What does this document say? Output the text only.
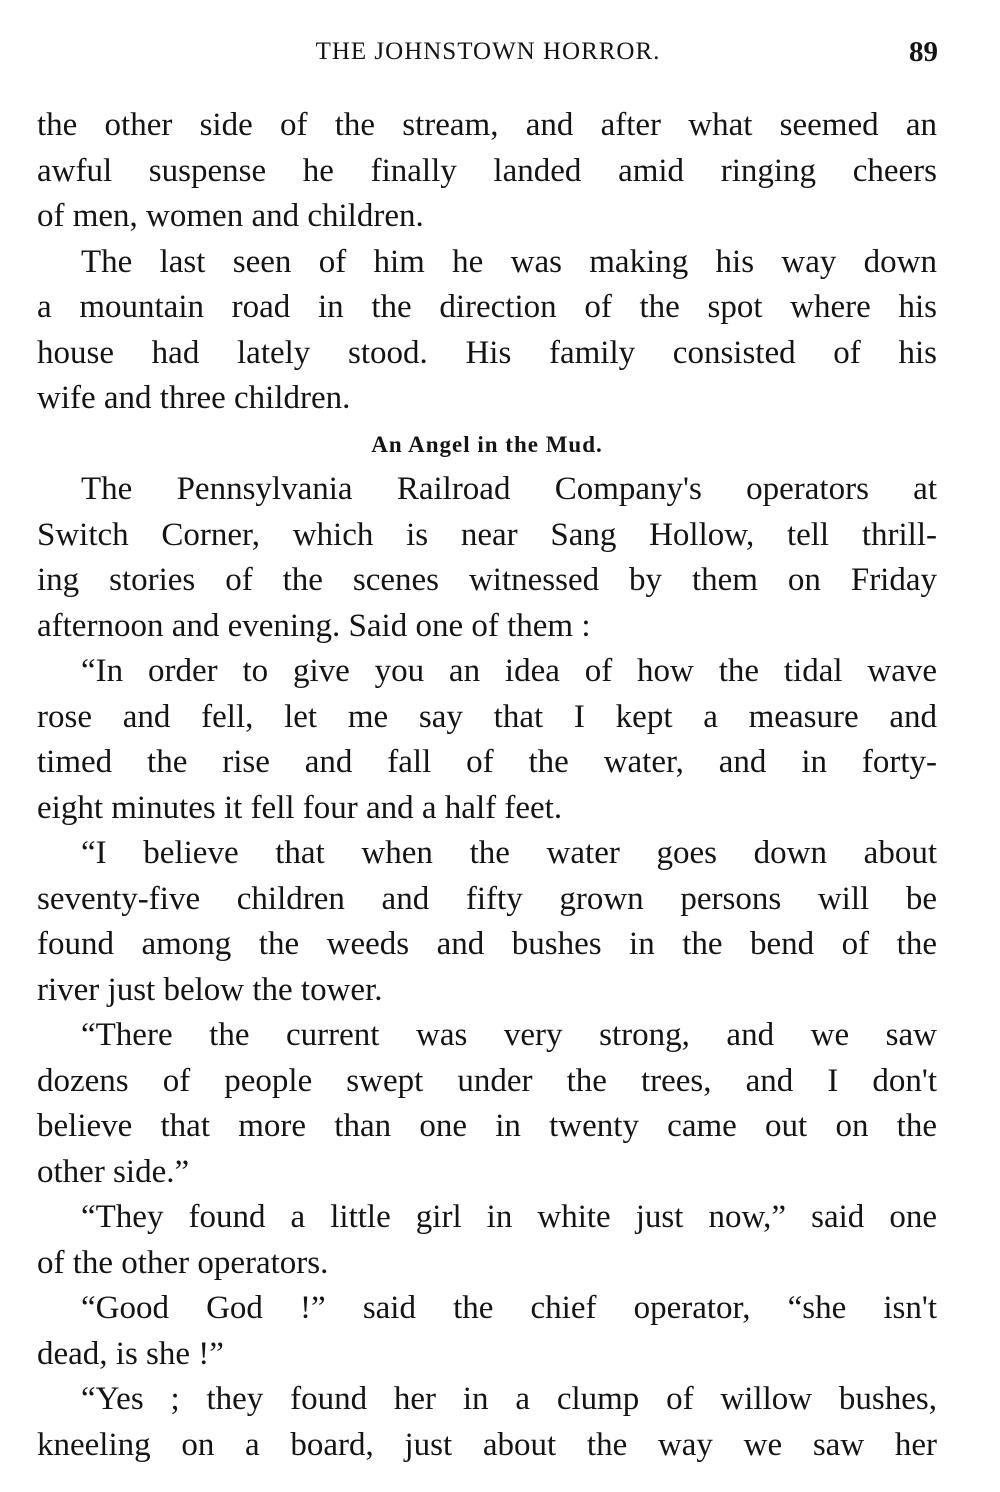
THE JOHNSTOWN HORROR.	89
the other side of the stream, and after what seemed an
awful suspense he finally landed amid ringing cheers
of men, women and children.
The last seen of him he was making his way down
a mountain road in the direction of the spot where his
house had lately stood. His family consisted of his
wife and three children.
An Angel in the Mud.
The Pennsylvania Railroad Company's operators at
Switch Corner, which is near Sang Hollow, tell thrill-
ing stories of the scenes witnessed by them on Friday
afternoon and evening. Said one of them :
“In order to give you an idea of how the tidal wave
rose and fell, let me say that I kept a measure and
timed the rise and fall of the water, and in forty-
eight minutes it fell four and a half feet.
“I believe that when the water goes down about
seventy-five children and fifty grown persons will be
found among the weeds and bushes in the bend of the
river just below the tower.
“There the current was very strong, and we saw
dozens of people swept under the trees, and I don't
believe that more than one in twenty came out on the
other side.”
“They found a little girl in white just now,” said one
of the other operators.
“Good God !” said the chief operator, “she isn't
dead, is she !”
“Yes ; they found her in a clump of willow bushes,
kneeling on a board, just about the way we saw her
